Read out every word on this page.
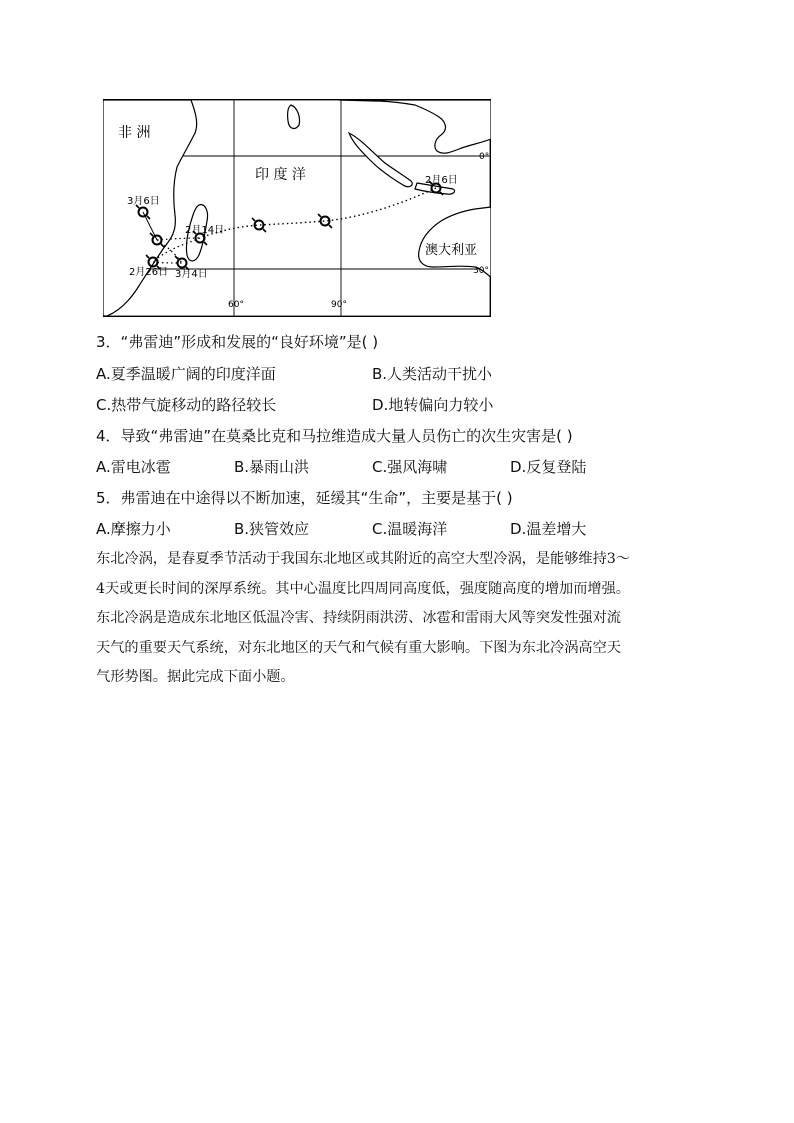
非 洲
印 度 洋
澳大利亚
60°	90°
0°
30°
2月6日
2月14日
2月26日 3月4日
3月6日
3．“弗雷迪”形成和发展的“良好环境”是( )
A.夏季温暖广阔的印度洋面	B.人类活动干扰小
C.热带气旋移动的路径较长	D.地转偏向力较小
4．导致“弗雷迪”在莫桑比克和马拉维造成大量人员伤亡的次生灾害是( )
A.雷电冰雹	B.暴雨山洪	C.强风海啸	D.反复登陆
5．弗雷迪在中途得以不断加速，延缓其“生命”，主要是基于( )
A.摩擦力小	B.狭管效应	C.温暖海洋	D.温差增大

东北冷涡，是春夏季节活动于我国东北地区或其附近的高空大型冷涡，是能够维持3～

4天或更长时间的深厚系统。其中心温度比四周同高度低，强度随高度的增加而增强。

东北冷涡是造成东北地区低温冷害、持续阴雨洪涝、冰雹和雷雨大风等突发性强对流

天气的重要天气系统，对东北地区的天气和气候有重大影响。下图为东北冷涡高空天

气形势图。据此完成下面小题。
